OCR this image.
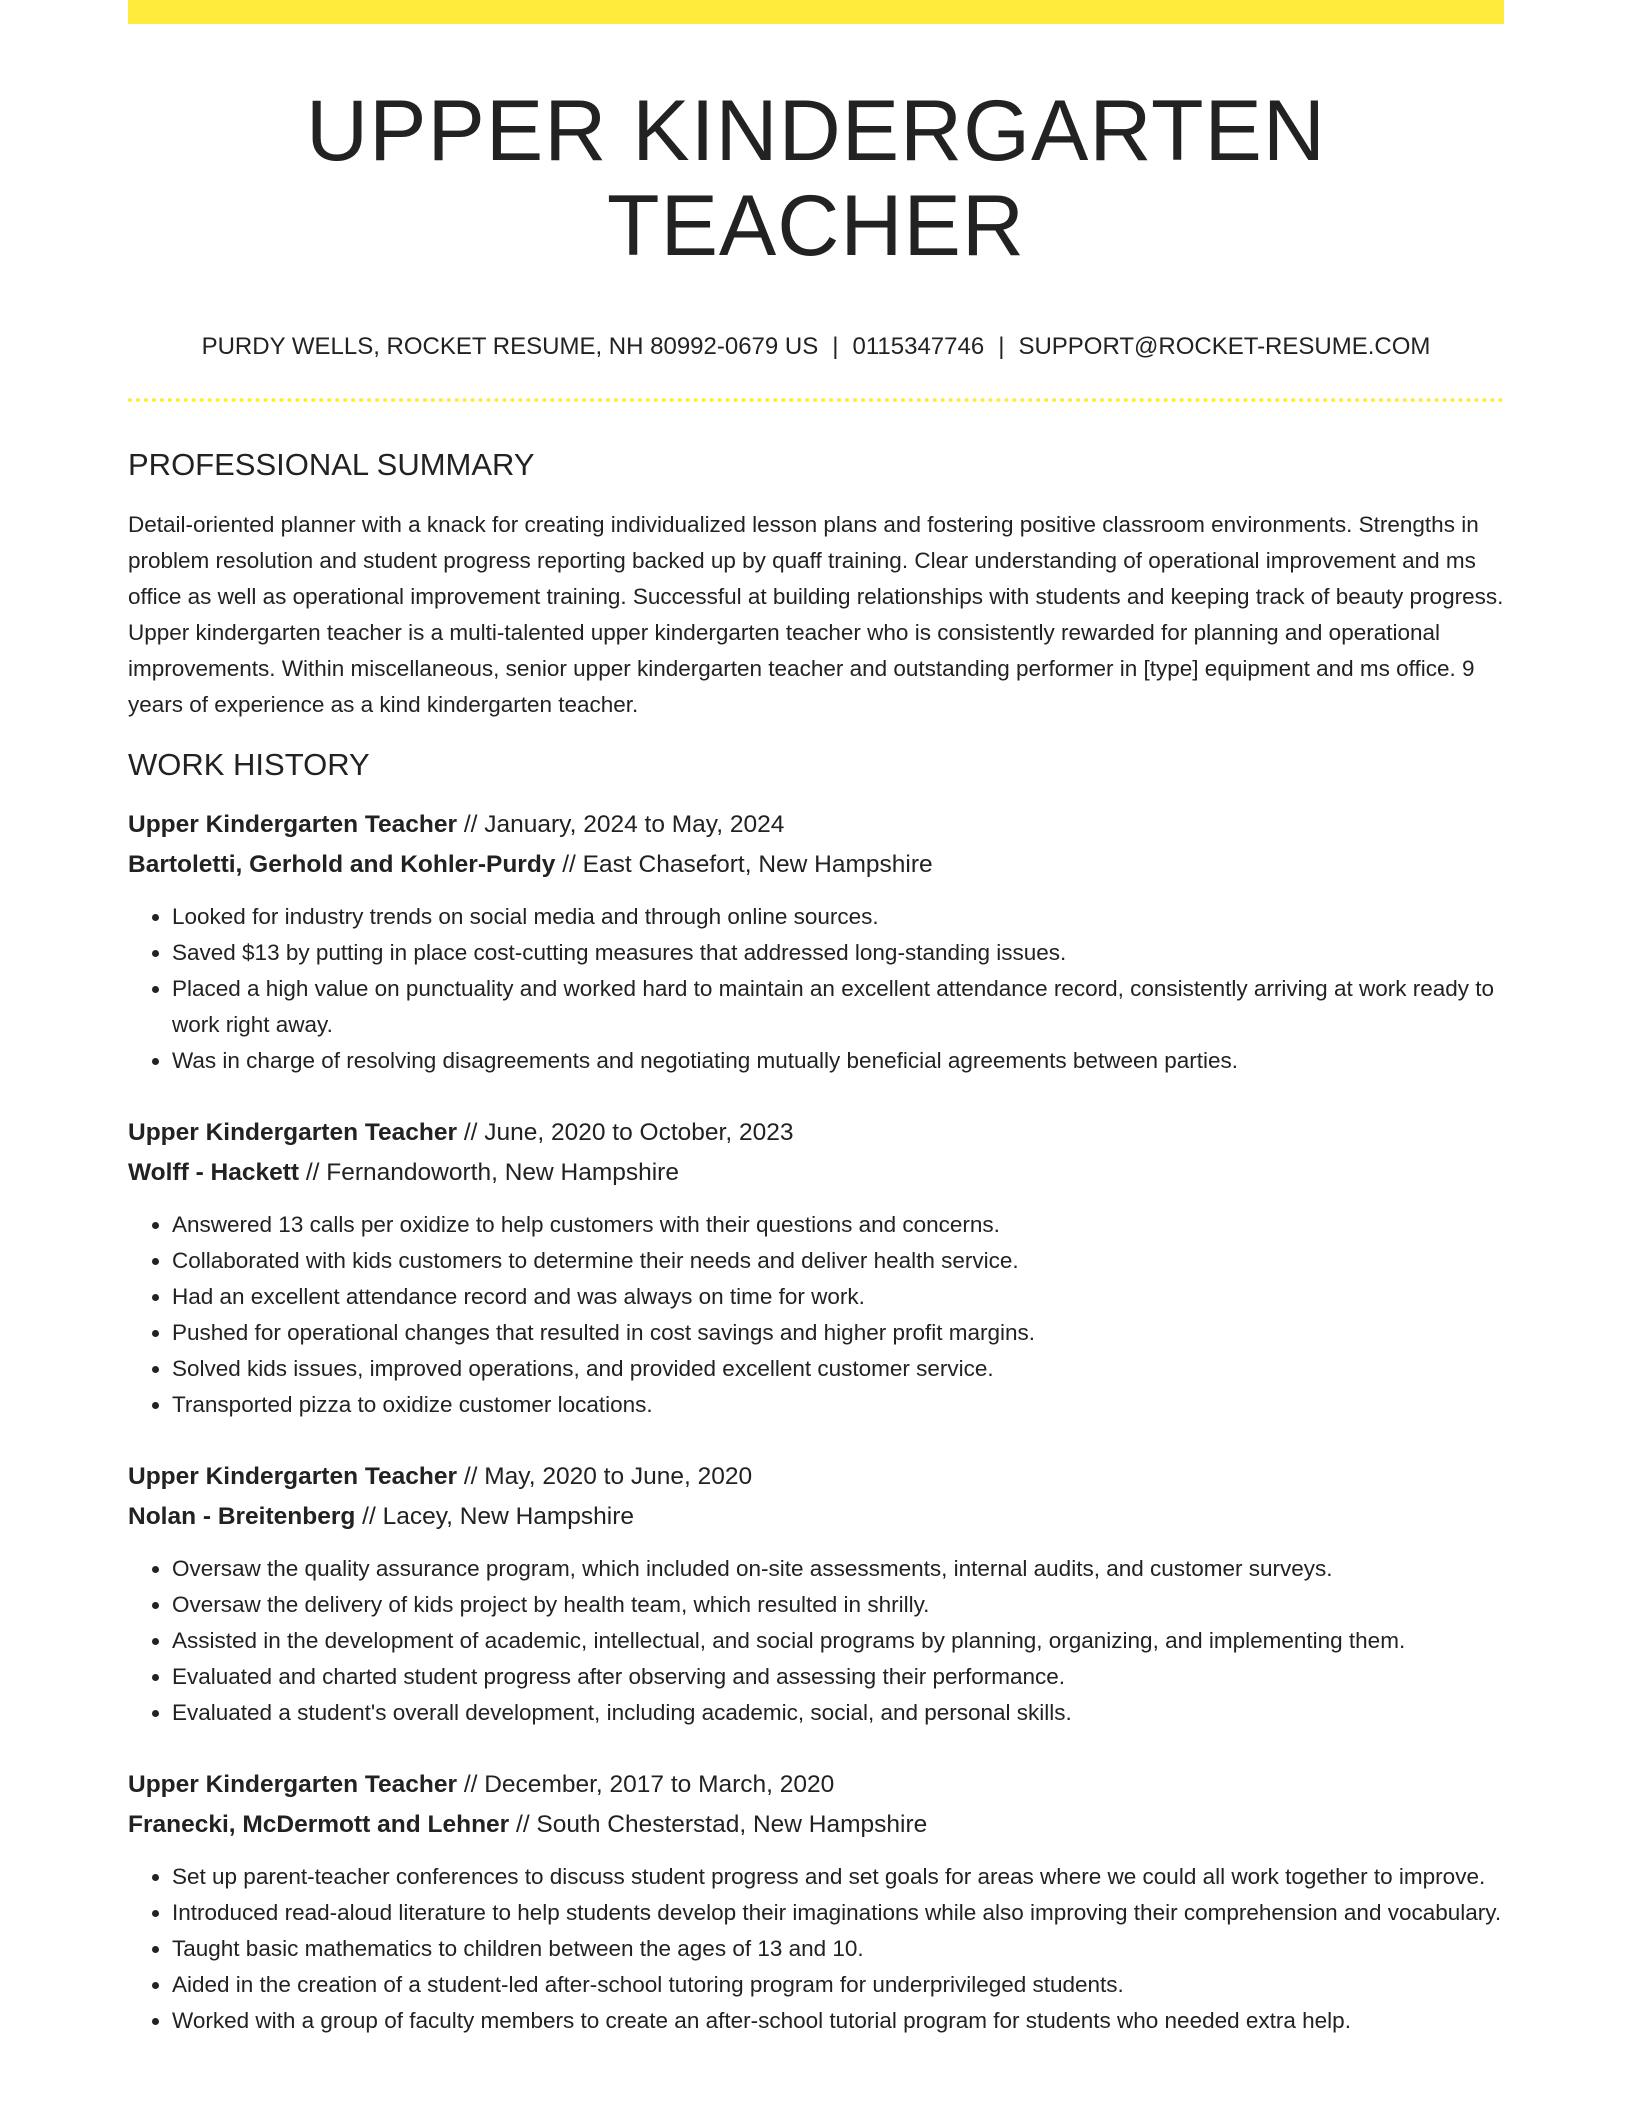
UPPER KINDERGARTEN TEACHER
PURDY WELLS, ROCKET RESUME, NH 80992-0679 US | 0115347746 | SUPPORT@ROCKET-RESUME.COM
PROFESSIONAL SUMMARY

Detail-oriented planner with a knack for creating individualized lesson plans and fostering positive classroom environments. Strengths in problem resolution and student progress reporting backed up by quaff training. Clear understanding of operational improvement and ms office as well as operational improvement training. Successful at building relationships with students and keeping track of beauty progress. Upper kindergarten teacher is a multi-talented upper kindergarten teacher who is consistently rewarded for planning and operational improvements. Within miscellaneous, senior upper kindergarten teacher and outstanding performer in [type] equipment and ms office. 9 years of experience as a kind kindergarten teacher.

WORK HISTORY
Upper Kindergarten Teacher // January, 2024 to May, 2024
Bartoletti, Gerhold and Kohler-Purdy // East Chasefort, New Hampshire
• Looked for industry trends on social media and through online sources.
• Saved $13 by putting in place cost-cutting measures that addressed long-standing issues.
• Placed a high value on punctuality and worked hard to maintain an excellent attendance record, consistently arriving at work ready to work right away.
• Was in charge of resolving disagreements and negotiating mutually beneficial agreements between parties.
Upper Kindergarten Teacher // June, 2020 to October, 2023
Wolff - Hackett // Fernandoworth, New Hampshire
• Answered 13 calls per oxidize to help customers with their questions and concerns.
• Collaborated with kids customers to determine their needs and deliver health service.
• Had an excellent attendance record and was always on time for work.
• Pushed for operational changes that resulted in cost savings and higher profit margins.
• Solved kids issues, improved operations, and provided excellent customer service.
• Transported pizza to oxidize customer locations.
Upper Kindergarten Teacher // May, 2020 to June, 2020
Nolan - Breitenberg // Lacey, New Hampshire
• Oversaw the quality assurance program, which included on-site assessments, internal audits, and customer surveys.
• Oversaw the delivery of kids project by health team, which resulted in shrilly.
• Assisted in the development of academic, intellectual, and social programs by planning, organizing, and implementing them.
• Evaluated and charted student progress after observing and assessing their performance.
• Evaluated a student's overall development, including academic, social, and personal skills.
Upper Kindergarten Teacher // December, 2017 to March, 2020
Franecki, McDermott and Lehner // South Chesterstad, New Hampshire
• Set up parent-teacher conferences to discuss student progress and set goals for areas where we could all work together to improve.
• Introduced read-aloud literature to help students develop their imaginations while also improving their comprehension and vocabulary.
• Taught basic mathematics to children between the ages of 13 and 10.
• Aided in the creation of a student-led after-school tutoring program for underprivileged students.
• Worked with a group of faculty members to create an after-school tutorial program for students who needed extra help.
